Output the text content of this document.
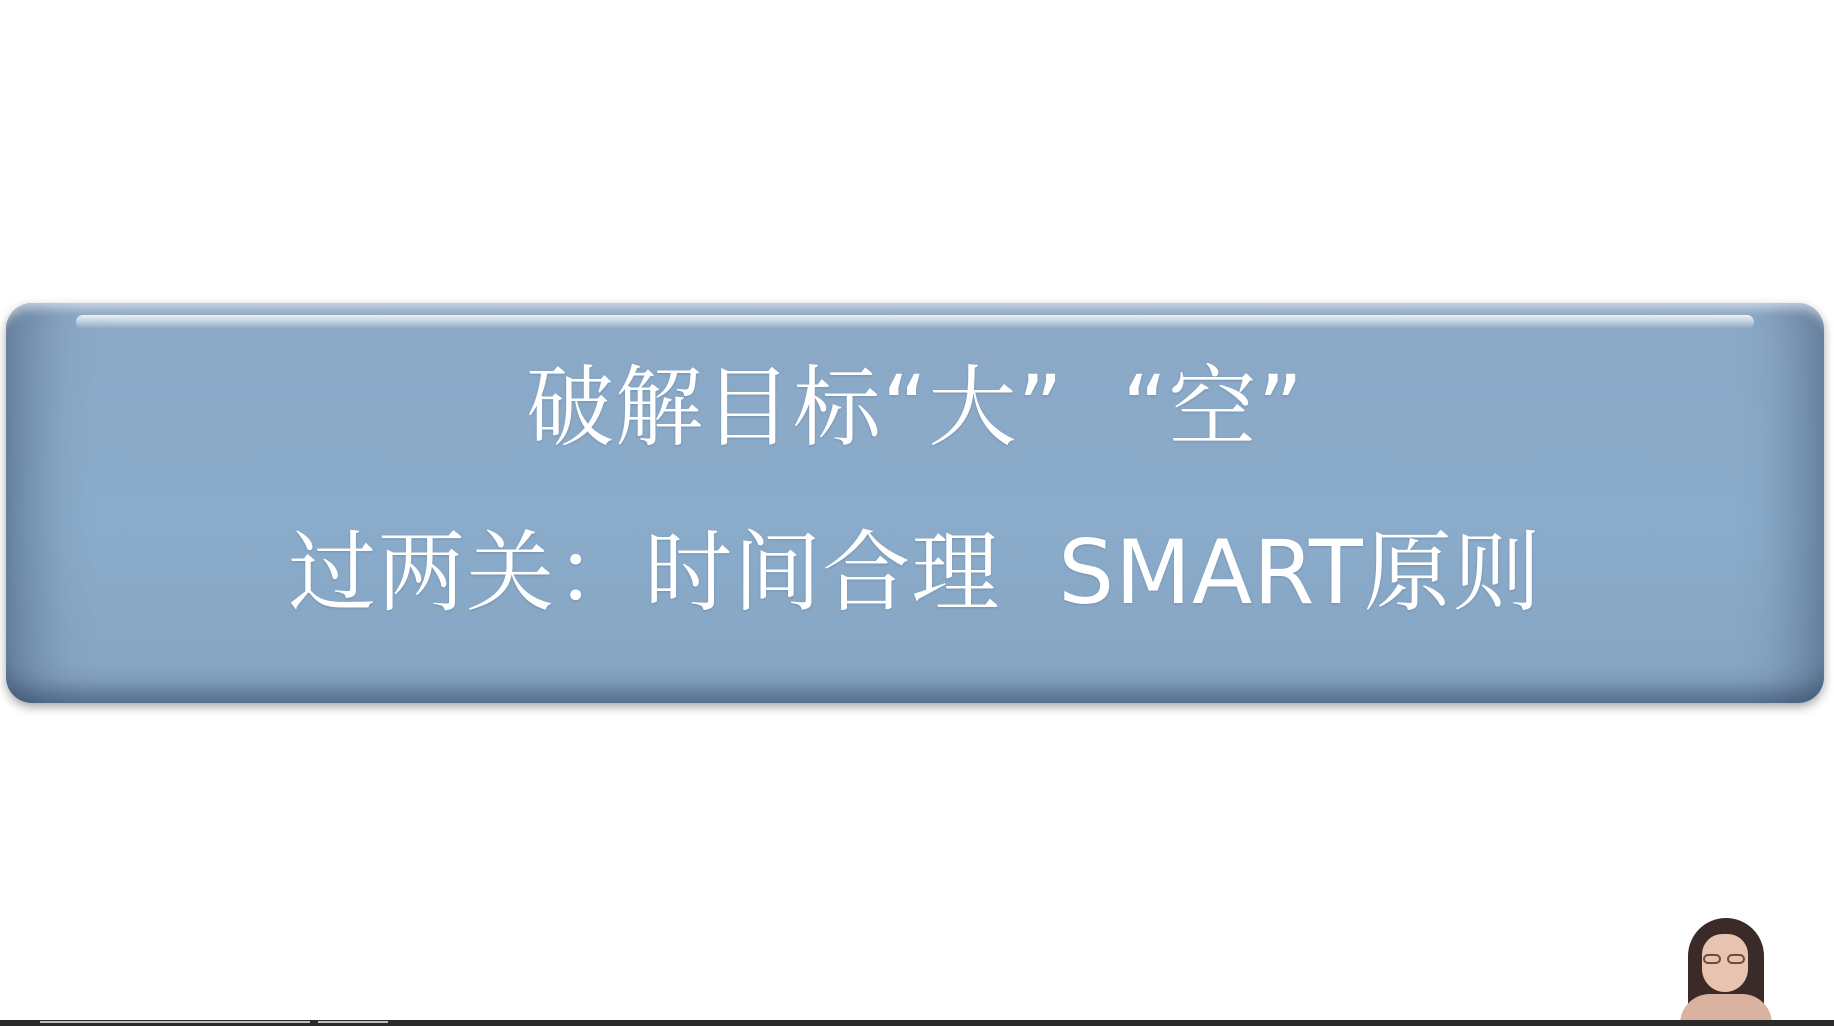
破解目标“大”  “空”
过两关：时间合理  SMART原则
